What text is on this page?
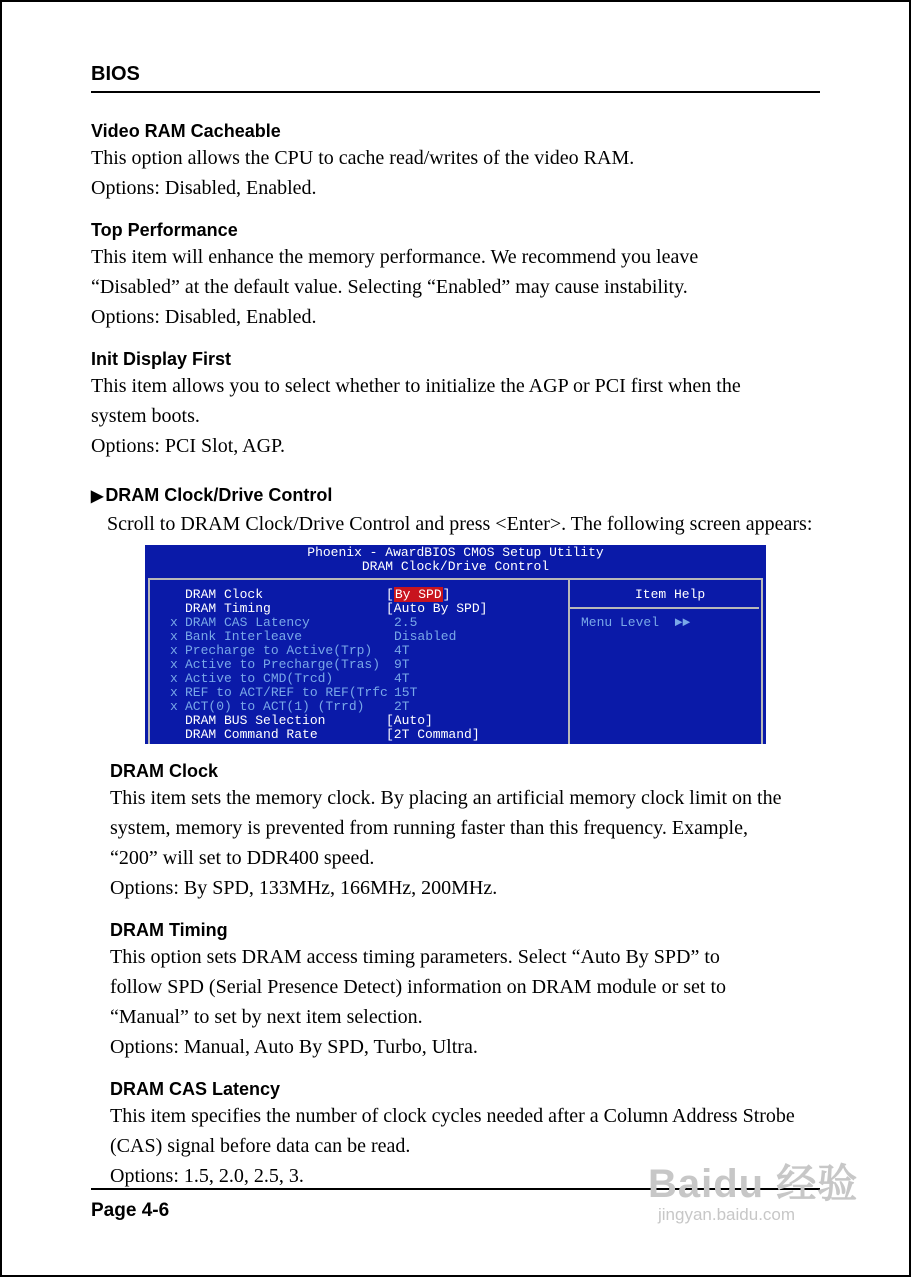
BIOS
Video RAM Cacheable
This option allows the CPU to cache read/writes of the video RAM.
Options: Disabled, Enabled.
Top Performance
This item will enhance the memory performance. We recommend you leave
“Disabled” at the default value. Selecting “Enabled” may cause instability.
Options: Disabled, Enabled.
Init Display First
This item allows you to select whether to initialize the AGP or PCI first when the
system boots.
Options: PCI Slot, AGP.
▶ DRAM Clock/Drive Control
Scroll to DRAM Clock/Drive Control and press <Enter>. The following screen appears:
Phoenix - AwardBIOS CMOS Setup Utility
DRAM Clock/Drive Control
Item Help
Menu Level ►►
DRAM Clock	[By SPD]
DRAM Timing	[Auto By SPD]
x DRAM CAS Latency	2.5
x Bank Interleave	Disabled
x Precharge to Active(Trp) 4T
x Active to Precharge(Tras) 9T
x Active to CMD(Trcd)	4T
x REF to ACT/REF to REF(Trfc 15T
x ACT(0) to ACT(1) (Trrd) 2T
DRAM BUS Selection	[Auto]
DRAM Command Rate	[2T Command]
DRAM Clock
This item sets the memory clock. By placing an artificial memory clock limit on the
system, memory is prevented from running faster than this frequency. Example,
“200” will set to DDR400 speed.
Options: By SPD, 133MHz, 166MHz, 200MHz.
DRAM Timing
This option sets DRAM access timing parameters. Select “Auto By SPD” to
follow SPD (Serial Presence Detect) information on DRAM module or set to
“Manual” to set by next item selection.
Options: Manual, Auto By SPD, Turbo, Ultra.
DRAM CAS Latency
This item specifies the number of clock cycles needed after a Column Address Strobe
(CAS) signal before data can be read.
Options: 1.5, 2.0, 2.5, 3.
Page 4-6
Baidu 经验
jingyan.baidu.com
